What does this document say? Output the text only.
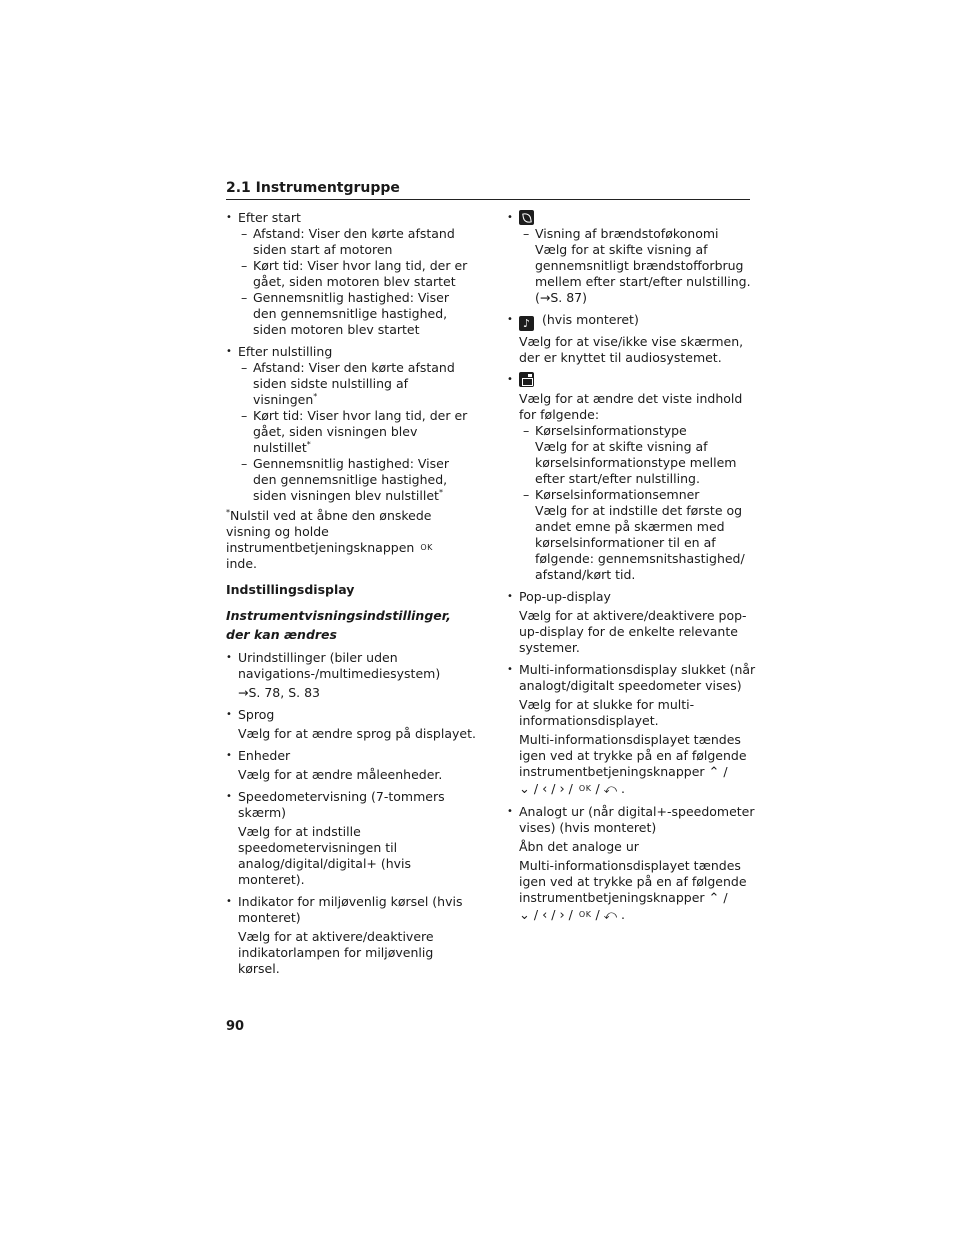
2.1 Instrumentgruppe
• Efter start
– Afstand: Viser den kørte afstand siden start af motoren
– Kørt tid: Viser hvor lang tid, der er gået, siden motoren blev startet
– Gennemsnitlig hastighed: Viser den gennemsnitlige hastighed, siden motoren blev startet
• Efter nulstilling
– Afstand: Viser den kørte afstand siden sidste nulstilling af visningen*
– Kørt tid: Viser hvor lang tid, der er gået, siden visningen blev nulstillet*
– Gennemsnitlig hastighed: Viser den gennemsnitlige hastighed, siden visningen blev nulstillet*
*Nulstil ved at åbne den ønskede visning og holde instrumentbetjeningsknappen OK
inde.
Indstillingsdisplay
Instrumentvisningsindstillinger, der kan ændres
• Urindstillinger (biler uden navigations-/multimediesystem)
→S. 78, S. 83
• Sprog
Vælg for at ændre sprog på displayet.
• Enheder
Vælg for at ændre måleenheder.
• Speedometervisning (7-tommers skærm)
Vælg for at indstille speedometervisningen til analog/digital/digital+ (hvis monteret).
• Indikator for miljøvenlig kørsel (hvis monteret)
Vælg for at aktivere/deaktivere indikatorlampen for miljøvenlig kørsel.
•
– Visning af brændstoføkonomi
Vælg for at skifte visning af gennemsnitligt brændstofforbrug mellem efter start/efter nulstilling.
(→S. 87)
• ♪ (hvis monteret)
Vælg for at vise/ikke vise skærmen, der er knyttet til audiosystemet.
•
Vælg for at ændre det viste indhold for følgende:
– Kørselsinformationstype
Vælg for at skifte visning af kørselsinformationstype mellem efter start/efter nulstilling.
– Kørselsinformationsemner
Vælg for at indstille det første og andet emne på skærmen med kørselsinformationer til en af følgende: gennemsnitshastighed/ afstand/kørt tid.
• Pop-up-display
Vælg for at aktivere/deaktivere pop-up-display for de enkelte relevante systemer.
• Multi-informationsdisplay slukket (når analogt/digitalt speedometer vises)
Vælg for at slukke for multi-informationsdisplayet.
Multi-informationsdisplayet tændes igen ved at trykke på en af følgende instrumentbetjeningsknapper ⌃ /
⌄ / ‹ / › / OK / ⤺ .
• Analogt ur (når digital+-speedometer vises) (hvis monteret)
Åbn det analoge ur
Multi-informationsdisplayet tændes igen ved at trykke på en af følgende instrumentbetjeningsknapper ⌃ /
⌄ / ‹ / › / OK / ⤺ .
90
